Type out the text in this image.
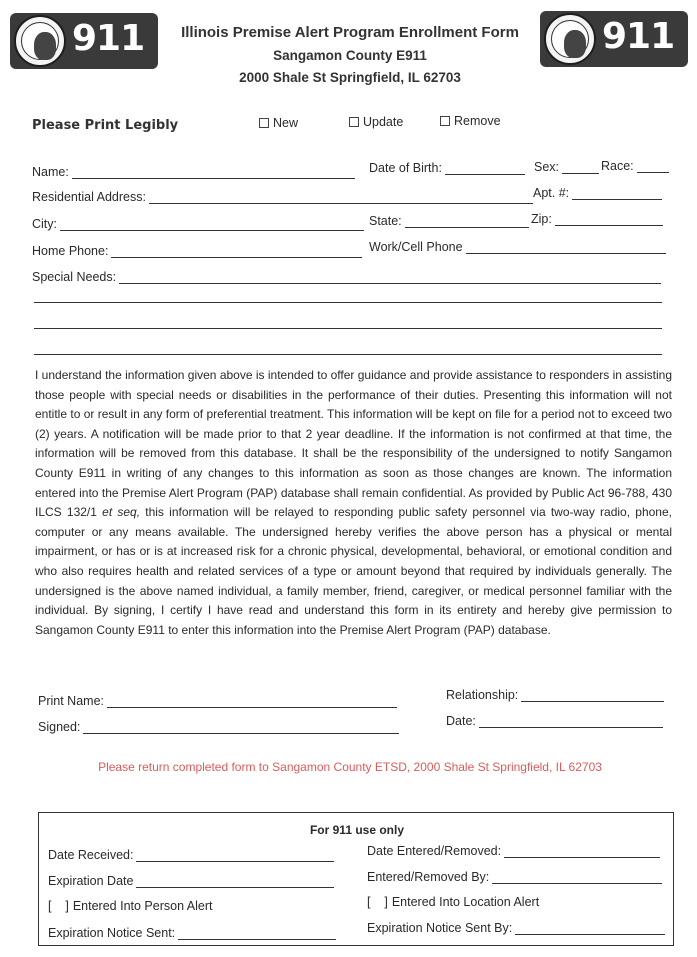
911	911
Illinois Premise Alert Program Enrollment Form
Sangamon County E911
2000 Shale St Springfield, IL 62703
Please Print Legibly	New	Update	Remove
Name:	Date of Birth:	Sex:	Race:
Residential Address:	Apt. #:
City:	State:	Zip:
Home Phone:	Work/Cell Phone
Special Needs:

I understand the information given above is intended to offer guidance and provide assistance to responders in assisting those people with special needs or disabilities in the performance of their duties. Presenting this information will not entitle to or result in any form of preferential treatment. This information will be kept on file for a period not to exceed two (2) years. A notification will be made prior to that 2 year deadline. If the information is not confirmed at that time, the information will be removed from this database. It shall be the responsibility of the undersigned to notify Sangamon County E911 in writing of any changes to this information as soon as those changes are known. The information entered into the Premise Alert Program (PAP) database shall remain confidential. As provided by Public Act 96-788, 430 ILCS 132/1 et seq, this information will be relayed to responding public safety personnel via two-way radio, phone, computer or any means available. The undersigned hereby verifies the above person has a physical or mental impairment, or has or is at increased risk for a chronic physical, developmental, behavioral, or emotional condition and who also requires health and related services of a type or amount beyond that required by individuals generally. The undersigned is the above named individual, a family member, friend, caregiver, or medical personnel familiar with the individual. By signing, I certify I have read and understand this form in its entirety and hereby give permission to Sangamon County E911 to enter this information into the Premise Alert Program (PAP) database.

Print Name:	Relationship:
Signed:	Date:
Please return completed form to Sangamon County ETSD, 2000 Shale St Springfield, IL 62703
For 911 use only
Date Received:	Date Entered/Removed:
Expiration Date	Entered/Removed By:
[    ] Entered Into Person Alert	[    ] Entered Into Location Alert
Expiration Notice Sent:	Expiration Notice Sent By:
